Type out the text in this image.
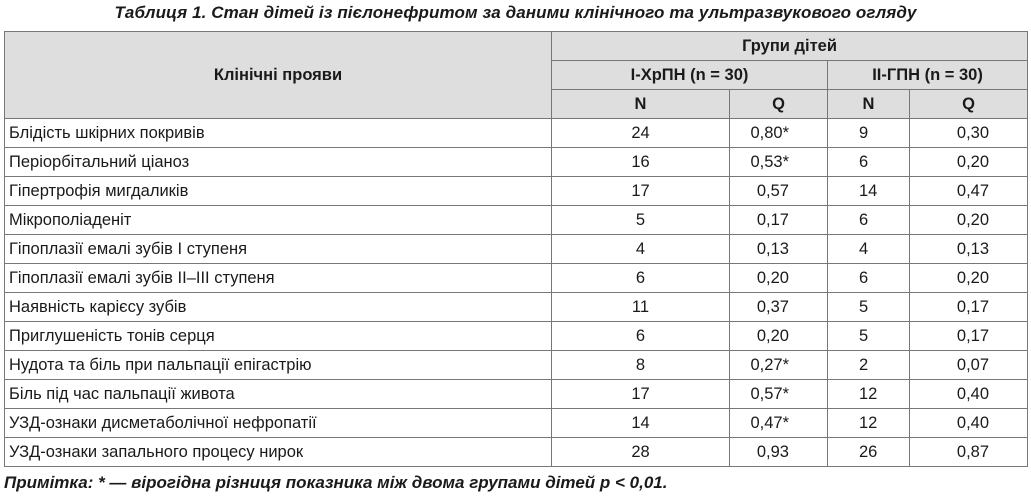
Таблиця 1. Стан дітей із пієлонефритом за даними клінічного та ультразвукового огляду
Клінічні прояви	Групи дітей			
	І-ХрПН (n = 30)		ІІ-ГПН (n = 30)	
	N	Q	N	Q
Блідість шкірних покривів	24	0,80*	9	0,30
Періорбітальний ціаноз	16	0,53*	6	0,20
Гіпертрофія мигдаликів	17	0,57	14	0,47
Мікрополіаденіт	5	0,17	6	0,20
Гіпоплазії емалі зубів І ступеня	4	0,13	4	0,13
Гіпоплазії емалі зубів ІІ–ІІІ ступеня	6	0,20	6	0,20
Наявність карієсу зубів	11	0,37	5	0,17
Приглушеність тонів серця	6	0,20	5	0,17
Нудота та біль при пальпації епігастрію	8	0,27*	2	0,07
Біль під час пальпації живота	17	0,57*	12	0,40
УЗД-ознаки дисметаболічної нефропатії	14	0,47*	12	0,40
УЗД-ознаки запального процесу нирок	28	0,93	26	0,87
Примітка: * — вірогідна різниця показника між двома групами дітей p < 0,01.
